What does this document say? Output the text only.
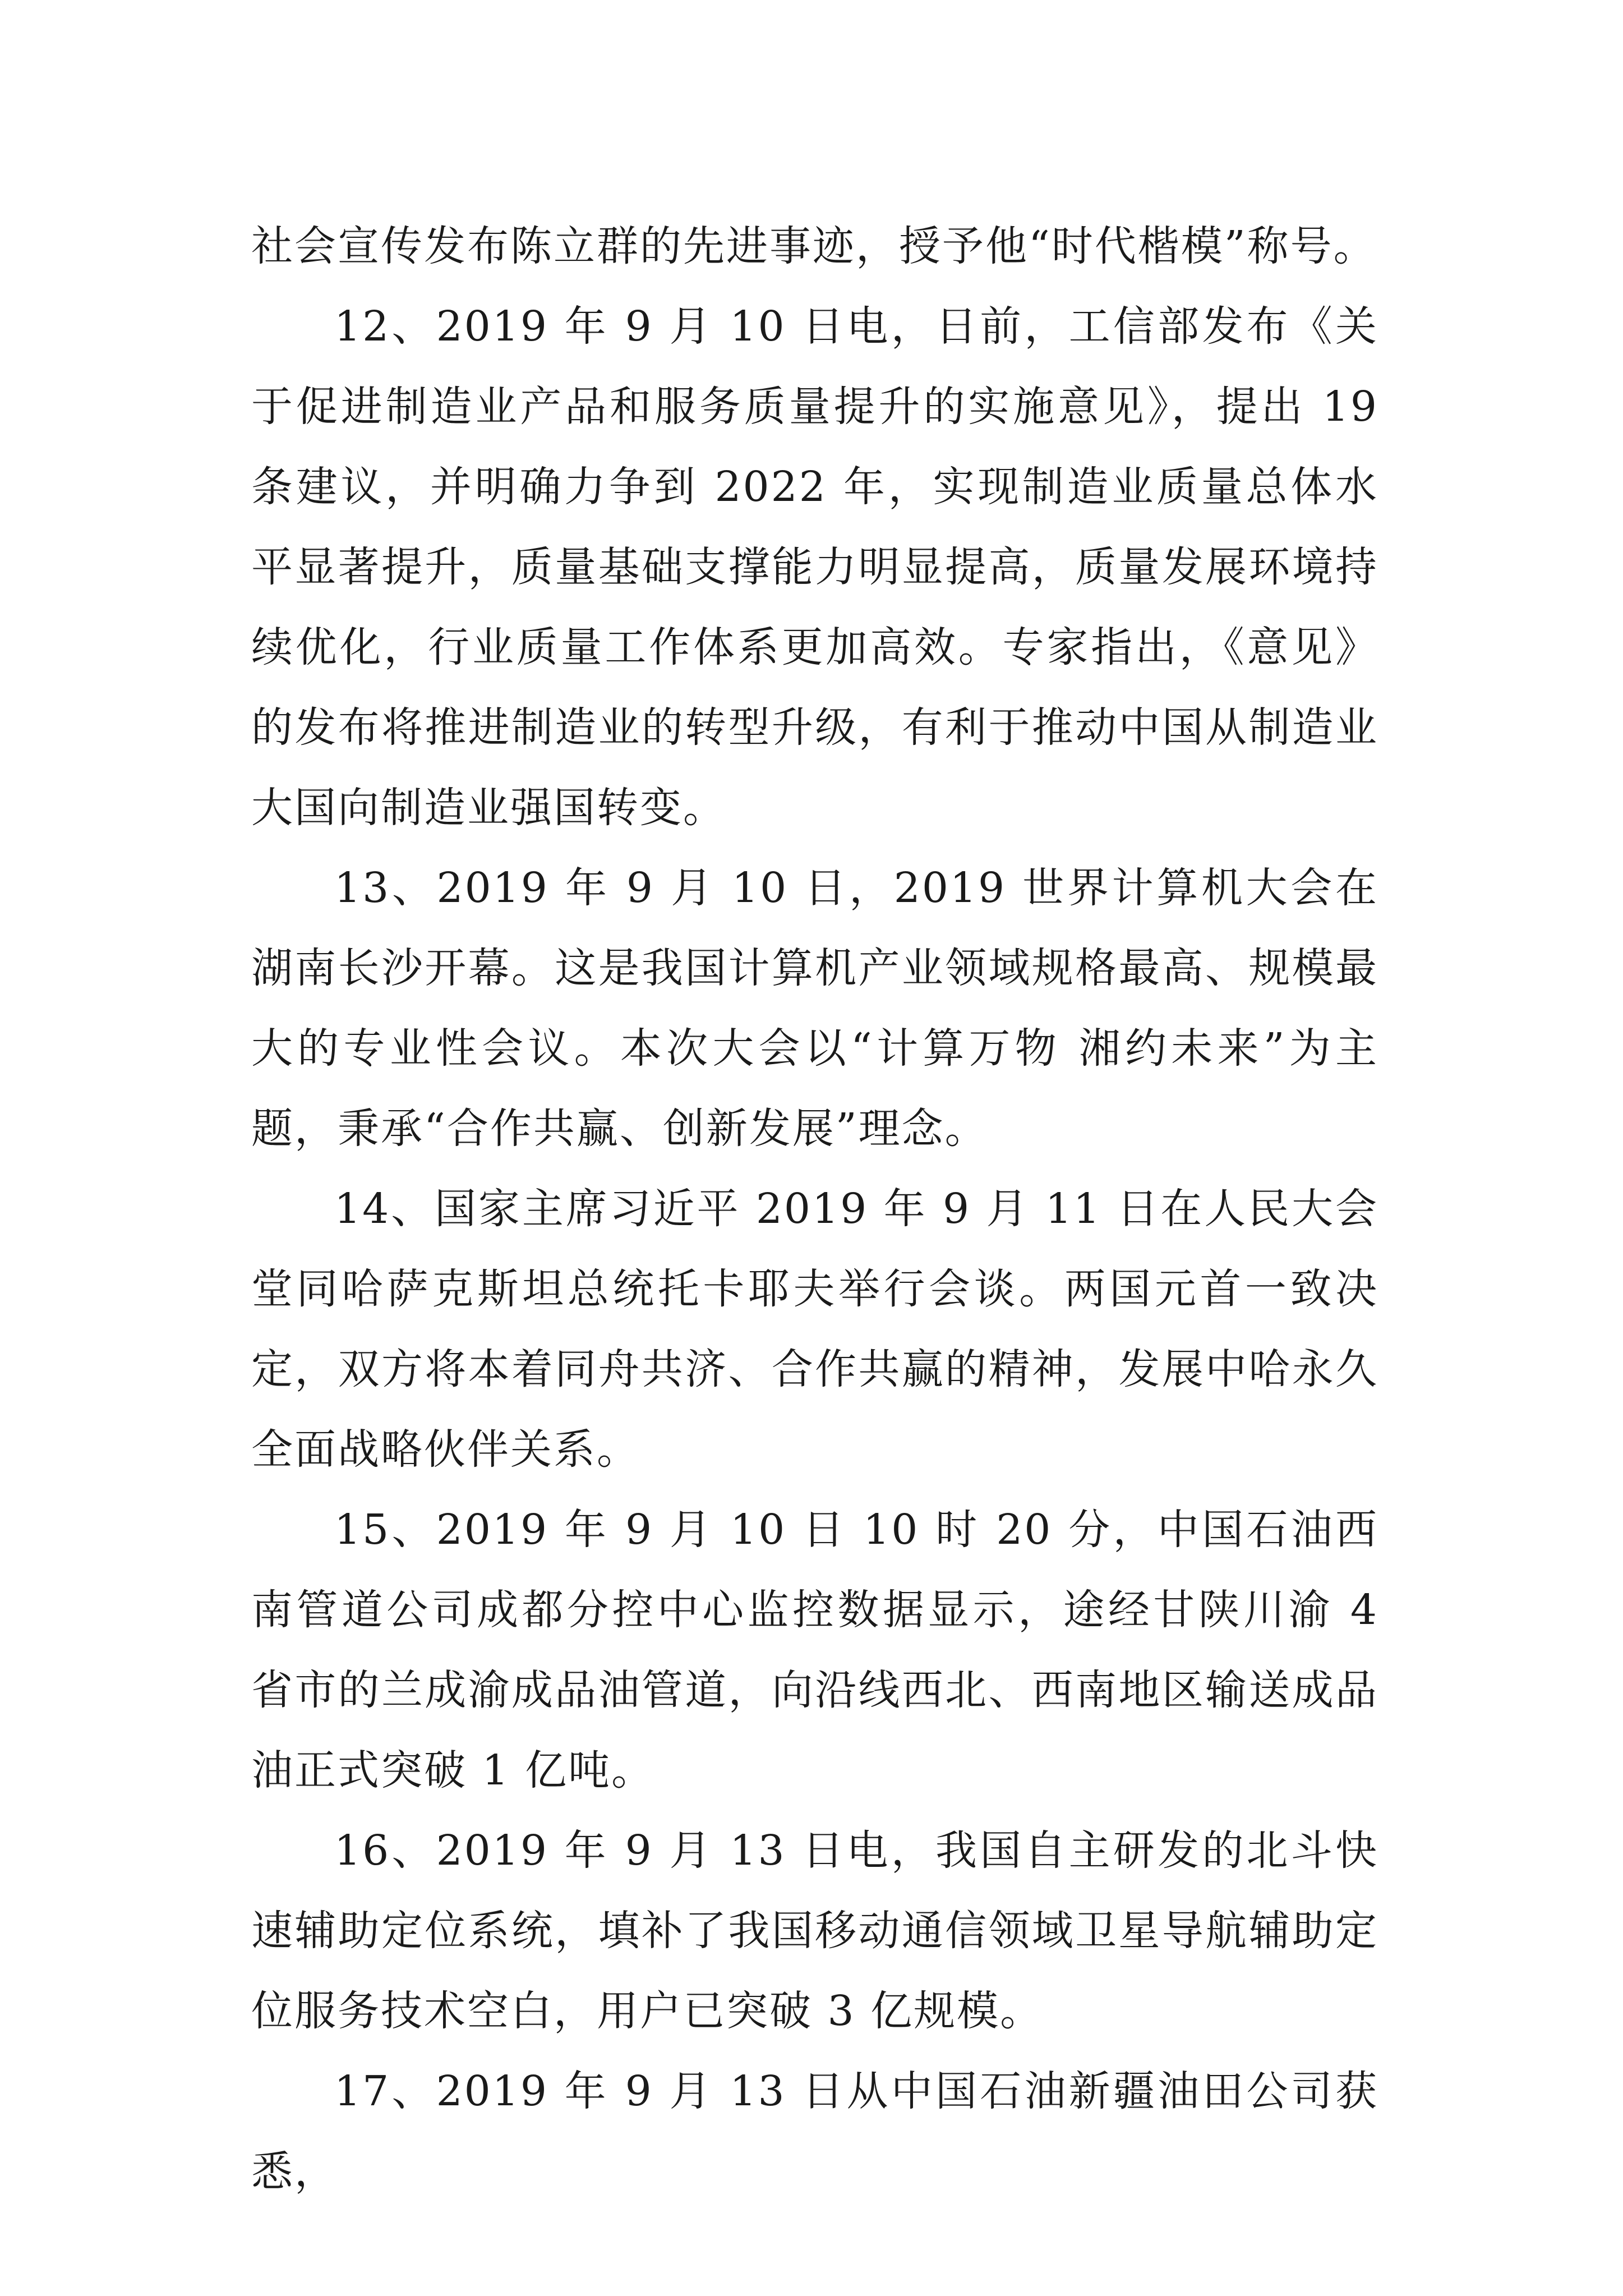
社会宣传发布陈立群的先进事迹，授予他“时代楷模”称号。

12、2019 年 9 月 10 日电，日前，工信部发布《关于促进制造业产品和服务质量提升的实施意见》，提出 19 条建议，并明确力争到 2022 年，实现制造业质量总体水平显著提升，质量基础支撑能力明显提高，质量发展环境持续优化，行业质量工作体系更加高效。专家指出，《意见》的发布将推进制造业的转型升级，有利于推动中国从制造业大国向制造业强国转变。

13、2019 年 9 月 10 日，2019 世界计算机大会在湖南长沙开幕。这是我国计算机产业领域规格最高、规模最大的专业性会议。本次大会以“计算万物 湘约未来”为主题，秉承“合作共赢、创新发展”理念。

14、国家主席习近平 2019 年 9 月 11 日在人民大会堂同哈萨克斯坦总统托卡耶夫举行会谈。两国元首一致决定，双方将本着同舟共济、合作共赢的精神，发展中哈永久全面战略伙伴关系。

15、2019 年 9 月 10 日 10 时 20 分，中国石油西南管道公司成都分控中心监控数据显示，途经甘陕川渝 4 省市的兰成渝成品油管道，向沿线西北、西南地区输送成品油正式突破 1 亿吨。

16、2019 年 9 月 13 日电，我国自主研发的北斗快速辅助定位系统，填补了我国移动通信领域卫星导航辅助定位服务技术空白，用户已突破 3 亿规模。

17、2019 年 9 月 13 日从中国石油新疆油田公司获悉，
